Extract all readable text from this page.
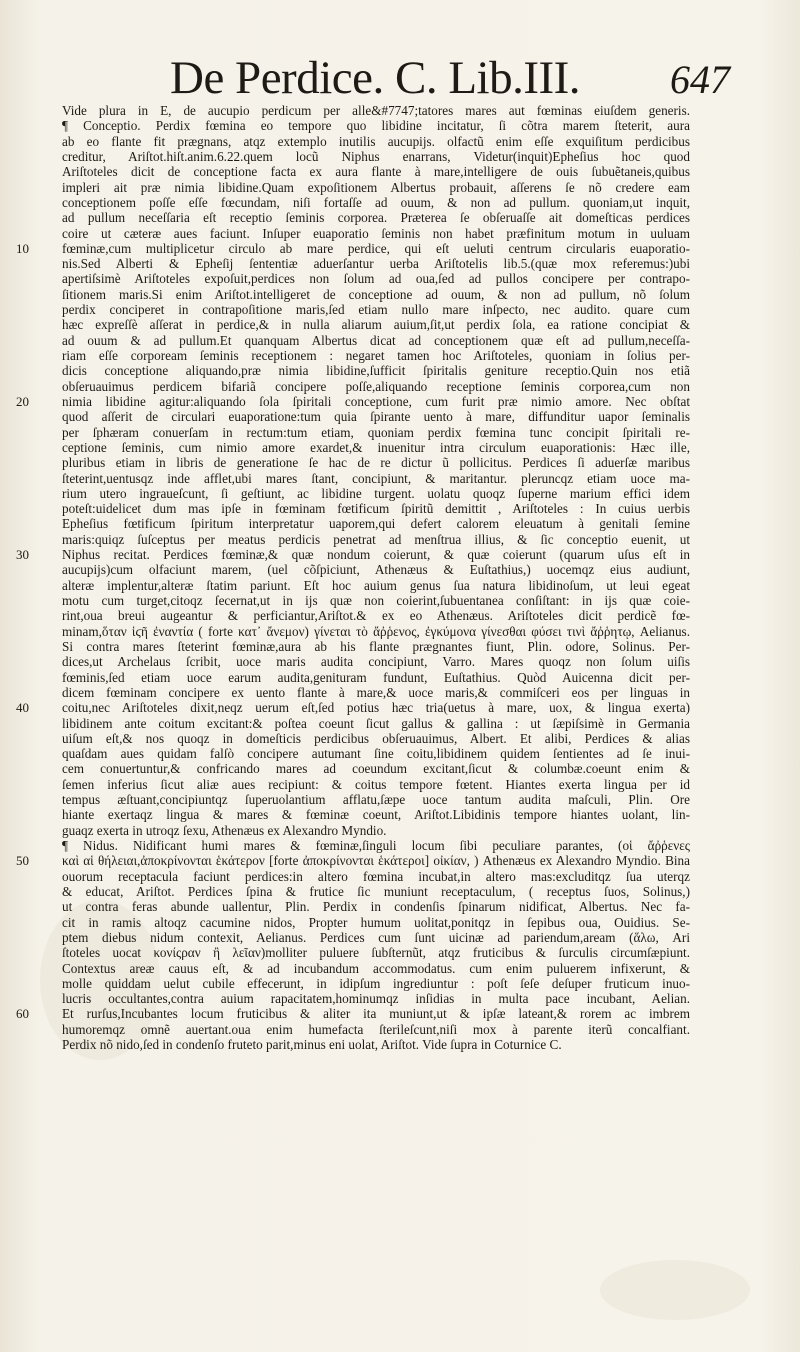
De Perdice. C. Lib.III. 647
Vide plura in E, de aucupio perdicum per alle&#7747;tatores mares aut fœminas eiuſdem generis.
¶ Conceptio. Perdix fœmina eo tempore quo libidine incitatur, ſi cõtra marem ſteterit, aura
ab eo flante fit prægnans, atqz extemplo inutilis aucupijs. olfactũ enim eſſe exquiſitum perdicibus
creditur, Ariſtot.hiſt.anim.6.22.quem locũ Niphus enarrans, Videtur(inquit)Epheſius hoc quod
Ariſtoteles dicit de conceptione facta ex aura flante à mare,intelligere de ouis ſubuẽtaneis,quibus
impleri ait præ nimia libidine.Quam expoſitionem Albertus probauit, aſſerens ſe nõ credere eam
conceptionem poſſe eſſe fœcundam, niſi fortaſſe ad ouum, & non ad pullum. quoniam,ut inquit,
ad pullum neceſſaria eſt receptio ſeminis corporea. Præterea ſe obſeruaſſe ait domeſticas perdices
coire ut cæteræ aues faciunt. Inſuper euaporatio ſeminis non habet præfinitum motum in uuluam
fœminæ,cum multiplicetur circulo ab mare perdice, qui eſt ueluti centrum circularis euaporatio-
10
nis.Sed Alberti & Epheſij ſententiæ aduerſantur uerba Ariſtotelis lib.5.(quæ mox referemus:)ubi
apertiſsimè Ariſtoteles expoſuit,perdices non ſolum ad oua,ſed ad pullos concipere per contrapo-
ſitionem maris.Si enim Ariſtot.intelligeret de conceptione ad ouum, & non ad pullum, nõ ſolum
perdix conciperet in contrapoſitione maris,ſed etiam nullo mare inſpecto, nec audito. quare cum
hæc expreſſè aſſerat in perdice,& in nulla aliarum auium,ſit,ut perdix ſola, ea ratione concipiat &
ad ouum & ad pullum.Et quanquam Albertus dicat ad conceptionem quæ eſt ad pullum,neceſſa-
riam eſſe corpoream ſeminis receptionem : negaret tamen hoc Ariſtoteles, quoniam in ſolius per-
dicis conceptione aliquando,præ nimia libidine,ſufficit ſpiritalis geniture receptio.Quin nos etiã
obſeruauimus perdicem bifariã concipere poſſe,aliquando receptione ſeminis corporea,cum non
nimia libidine agitur:aliquando ſola ſpiritali conceptione, cum furit præ nimio amore. Nec obſtat
20
quod aſſerit de circulari euaporatione:tum quia ſpirante uento à mare, diffunditur uapor ſeminalis
per ſphæram conuerſam in rectum:tum etiam, quoniam perdix fœmina tunc concipit ſpiritali re-
ceptione ſeminis, cum nimio amore exardet,& inuenitur intra circulum euaporationis: Hæc ille,
pluribus etiam in libris de generatione ſe hac de re dictur ũ pollicitus. Perdices ſi aduerſæ maribus
ſteterint,uentusqz inde afflet,ubi mares ſtant, concipiunt, & maritantur. pleruncqz etiam uoce ma-
rium utero ingraueſcunt, ſi geſtiunt, ac libidine turgent. uolatu quoqz ſuperne marium effici idem
poteſt:uidelicet dum mas ipſe in fœminam fœtificum ſpiritũ demittit , Ariſtoteles : In cuius uerbis
Epheſius fœtificum ſpiritum interpretatur uaporem,qui defert calorem eleuatum à genitali ſemine
maris:quiqz ſuſceptus per meatus perdicis penetrat ad menſtrua illius, & ſic conceptio euenit, ut
Niphus recitat. Perdices fœminæ,& quæ nondum coierunt, & quæ coierunt (quarum uſus eſt in
30
aucupijs)cum olfaciunt marem, (uel cõſpiciunt, Athenæus & Euſtathius,) uocemqz eius audiunt,
alteræ implentur,alteræ ſtatim pariunt. Eſt hoc auium genus ſua natura libidinoſum, ut leui egeat
motu cum turget,citoqz ſecernat,ut in ijs quæ non coierint,ſubuentanea conſiſtant: in ijs quæ coie-
rint,oua breui augeantur & perficiantur,Ariſtot.& ex eo Athenæus. Ariſtoteles dicit perdicẽ fœ-
minam,ὅταν ἱϛῆ ἐναντία ( forte κατ᾽ ἄνεμον) γίνεται τὸ ἄῤῥενος, ἐγκύμονα γίνεσθαι φύσει τινὶ ἄῤῥητῳ, Aelianus.
Si contra mares ſteterint fœminæ,aura ab his flante prægnantes fiunt, Plin. odore, Solinus. Per-
dices,ut Archelaus ſcribit, uoce maris audita concipiunt, Varro. Mares quoqz non ſolum uiſis
fœminis,ſed etiam uoce earum audita,genituram fundunt, Euſtathius. Quòd Auicenna dicit per-
dicem fœminam concipere ex uento flante à mare,& uoce maris,& commiſceri eos per linguas in
coitu,nec Ariſtoteles dixit,neqz uerum eſt,ſed potius hæc tria(uetus à mare, uox, & lingua exerta)
40
libidinem ante coitum excitant:& poſtea coeunt ſicut gallus & gallina : ut ſæpiſsimè in Germania
uiſum eſt,& nos quoqz in domeſticis perdicibus obſeruauimus, Albert. Et alibi, Perdices & alias
quaſdam aues quidam falſò concipere autumant ſine coitu,libidinem quidem ſentientes ad ſe inui-
cem conuertuntur,& confricando mares ad coeundum excitant,ſicut & columbæ.coeunt enim &
ſemen inferius ſicut aliæ aues recipiunt: & coitus tempore fœtent. Hiantes exerta lingua per id
tempus æſtuant,concipiuntqz ſuperuolantium afflatu,ſæpe uoce tantum audita maſculi, Plin. Ore
hiante exertaqz lingua & mares & fœminæ coeunt, Ariſtot.Libidinis tempore hiantes uolant, lin-
guaqz exerta in utroqz ſexu, Athenæus ex Alexandro Myndio.
¶ Nidus. Nidificant humi mares & fœminæ,ſinguli locum ſibi peculiare parantes, (οἱ ἄῤῥενες
καὶ αἱ θήλειαι,ἀποκρίνονται ἑκάτερον [forte ἀποκρίνονται ἑκάτεροι] οἰκίαν, ) Athenæus ex Alexandro Myndio. Bina
50
ouorum receptacula faciunt perdices:in altero fœmina incubat,in altero mas:excluditqz ſua uterqz
& educat, Ariſtot. Perdices ſpina & frutice ſic muniunt receptaculum, ( receptus ſuos, Solinus,)
ut contra feras abunde uallentur, Plin. Perdix in condenſis ſpinarum nidificat, Albertus. Nec fa-
cit in ramis altoqz cacumine nidos, Propter humum uolitat,ponitqz in ſepibus oua, Ouidius. Se-
ptem diebus nidum contexit, Aelianus. Perdices cum ſunt uicinæ ad pariendum,aream (ἅλω, Ari
ſtoteles uocat κονίςραν ἢ λεῖαν)molliter puluere ſubſternũt, atqz fruticibus & ſurculis circumſæpiunt.
Contextus areæ cauus eſt, & ad incubandum accommodatus. cum enim puluerem infixerunt, &
molle quiddam uelut cubile effecerunt, in idipſum ingrediuntur : poſt ſeſe deſuper fruticum inuo-
lucris occultantes,contra auium rapacitatem,hominumqz inſidias in multa pace incubant, Aelian.
Et rurſus,Incubantes locum fruticibus & aliter ita muniunt,ut & ipſæ lateant,& rorem ac imbrem
60
humoremqz omnẽ auertant.oua enim humefacta ſterileſcunt,niſi mox à parente iterũ concalfiant.
Perdix nõ nido,ſed in condenſo fruteto parit,minus eni uolat, Ariſtot. Vide ſupra in Coturnice C.
